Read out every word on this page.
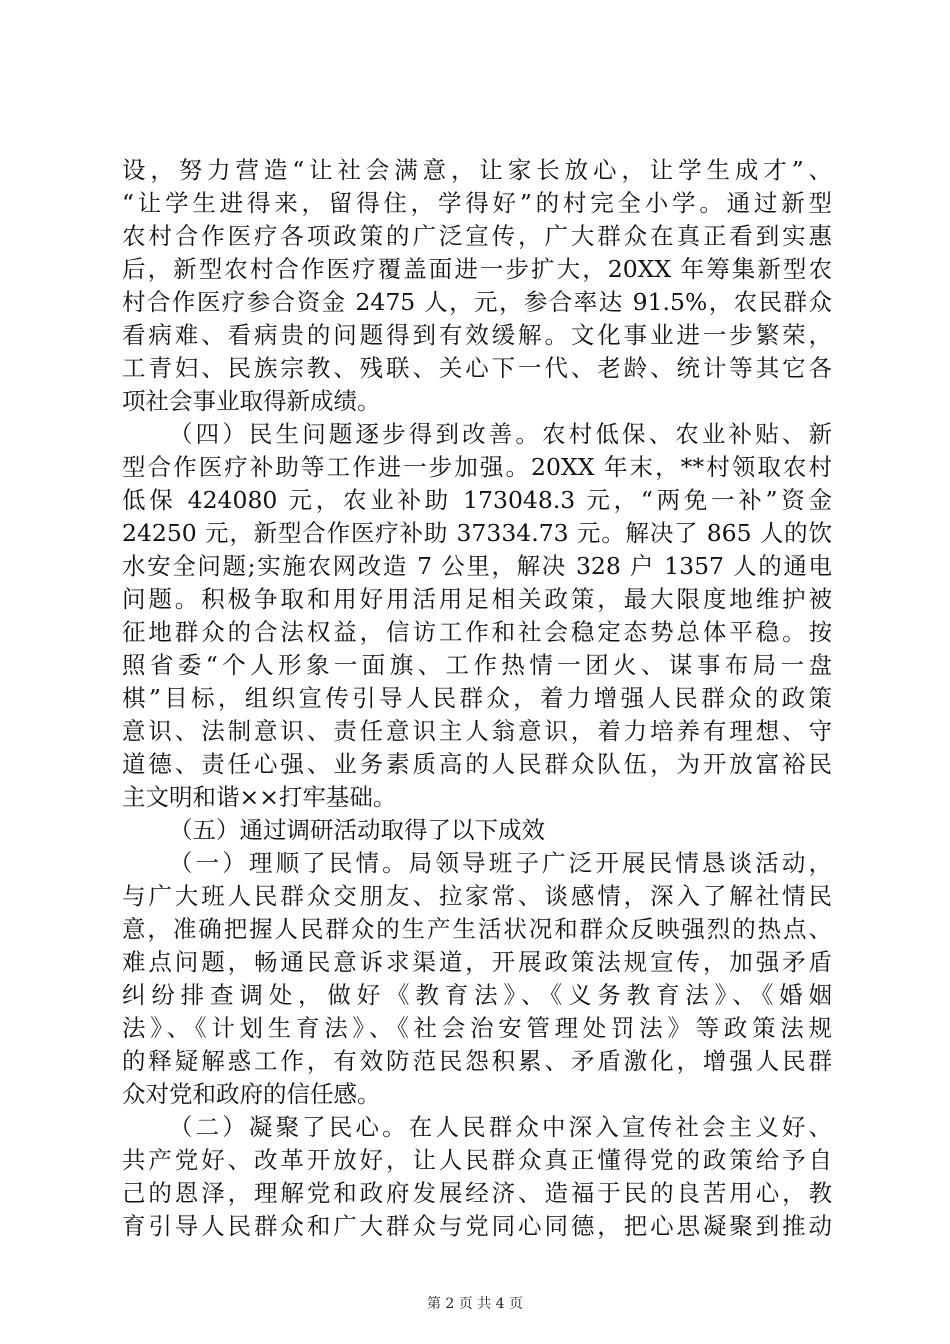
设，努力营造“让社会满意，让家长放心，让学生成才”、
“让学生进得来，留得住，学得好”的村完全小学。通过新型
农村合作医疗各项政策的广泛宣传，广大群众在真正看到实惠
后，新型农村合作医疗覆盖面进一步扩大，20XX 年筹集新型农
村合作医疗参合资金 2475 人，元，参合率达 91.5%，农民群众
看病难、看病贵的问题得到有效缓解。文化事业进一步繁荣，
工青妇、民族宗教、残联、关心下一代、老龄、统计等其它各
项社会事业取得新成绩。
（四）民生问题逐步得到改善。农村低保、农业补贴、新
型合作医疗补助等工作进一步加强。20XX 年末，**村领取农村
低保 424080 元，农业补助 173048.3 元，“两免一补”资金
24250 元，新型合作医疗补助 37334.73 元。解决了 865 人的饮
水安全问题;实施农网改造 7 公里，解决 328 户 1357 人的通电
问题。积极争取和用好用活用足相关政策，最大限度地维护被
征地群众的合法权益，信访工作和社会稳定态势总体平稳。按
照省委“个人形象一面旗、工作热情一团火、谋事布局一盘
棋”目标，组织宣传引导人民群众，着力增强人民群众的政策
意识、法制意识、责任意识主人翁意识，着力培养有理想、守
道德、责任心强、业务素质高的人民群众队伍，为开放富裕民
主文明和谐××打牢基础。
（五）通过调研活动取得了以下成效
（一）理顺了民情。局领导班子广泛开展民情恳谈活动，
与广大班人民群众交朋友、拉家常、谈感情，深入了解社情民
意，准确把握人民群众的生产生活状况和群众反映强烈的热点、
难点问题，畅通民意诉求渠道，开展政策法规宣传，加强矛盾
纠纷排查调处，做好《教育法》、《义务教育法》、《婚姻
法》、《计划生育法》、《社会治安管理处罚法》等政策法规
的释疑解惑工作，有效防范民怨积累、矛盾激化，增强人民群
众对党和政府的信任感。
（二）凝聚了民心。在人民群众中深入宣传社会主义好、
共产党好、改革开放好，让人民群众真正懂得党的政策给予自
己的恩泽，理解党和政府发展经济、造福于民的良苦用心，教
育引导人民群众和广大群众与党同心同德，把心思凝聚到推动
第 2 页 共 4 页
